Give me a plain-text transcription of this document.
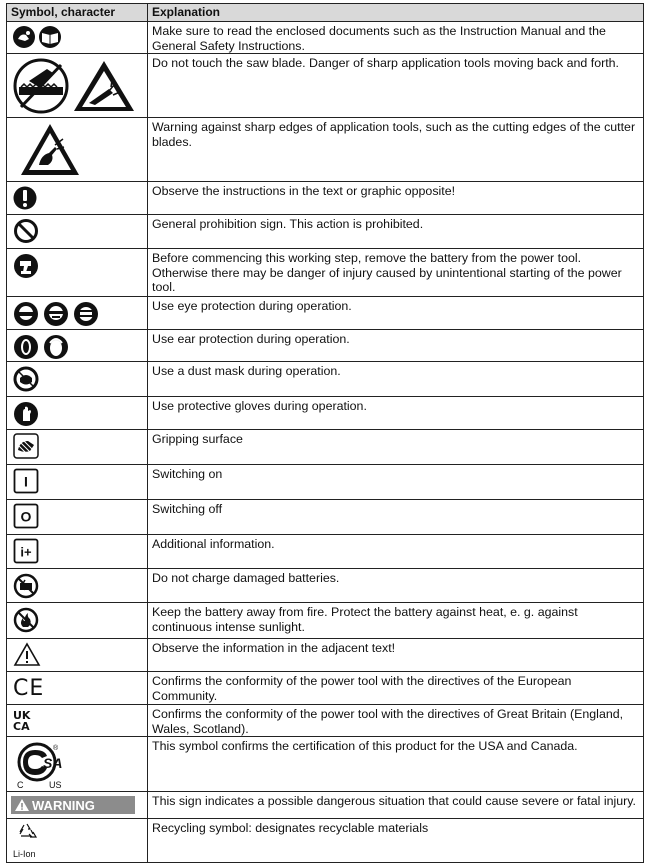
Symbol, character	Explanation

	Make sure to read the enclosed documents such as the Instruction Manual and the General Safety Instructions.

	Do not touch the saw blade. Danger of sharp application tools moving back and forth.

	Warning against sharp edges of application tools, such as the cutting edges of the cutter blades.

	Observe the instructions in the text or graphic opposite!

	General prohibition sign. This action is prohibited.

	Before commencing this working step, remove the battery from the power tool. Otherwise there may be danger of injury caused by unintentional starting of the power tool.

	Use eye protection during operation.

	Use ear protection during operation.

	Use a dust mask during operation.

	Use protective gloves during operation.

	Gripping surface

I	Switching on

O	Switching off

i+	Additional information.

	Do not charge damaged batteries.

	Keep the battery away from fire. Protect the battery against heat, e. g. against continuous intense sunlight.

	Observe the information in the adjacent text!
CE	Confirms the conformity of the power tool with the directives of the European Community.

UK
CA	Confirms the conformity of the power tool with the directives of Great Britain (England, Wales, Scotland).

SA
®
C US	This symbol confirms the certification of this product for the USA and Canada.

WARNING	This sign indicates a possible dangerous situation that could cause severe or fatal injury.

Li-Ion	Recycling symbol: designates recyclable materials
